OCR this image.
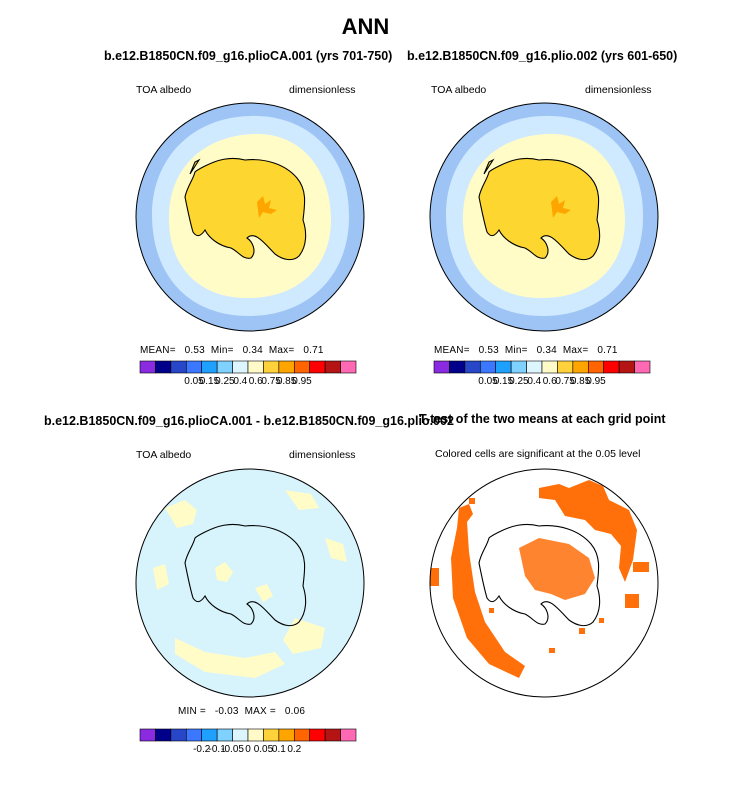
ANN
b.e12.B1850CN.f09_g16.plioCA.001 (yrs 701-750)
TOA albedo	dimensionless
MEAN= 0.53 Min= 0.34 Max= 0.71
0.05
0.15
0.25
0.4 0.6
0.75
0.85
0.95
b.e12.B1850CN.f09_g16.plio.002 (yrs 601-650)
TOA albedo	dimensionless
MEAN= 0.53 Min= 0.34 Max= 0.71
0.05
0.15
0.25
0.4 0.6
0.75
0.85
0.95
b.e12.B1850CN.f09_g16.plioCA.001 - b.e12.B1850CN.f09_g16.plio.002
TOA albedo	dimensionless
MIN = -0.03 MAX = 0.06
-0.2
-0.1
-0.05 0 0.05
0.1 0.2
T-test of the two means at each grid point
Colored cells are significant at the 0.05 level
